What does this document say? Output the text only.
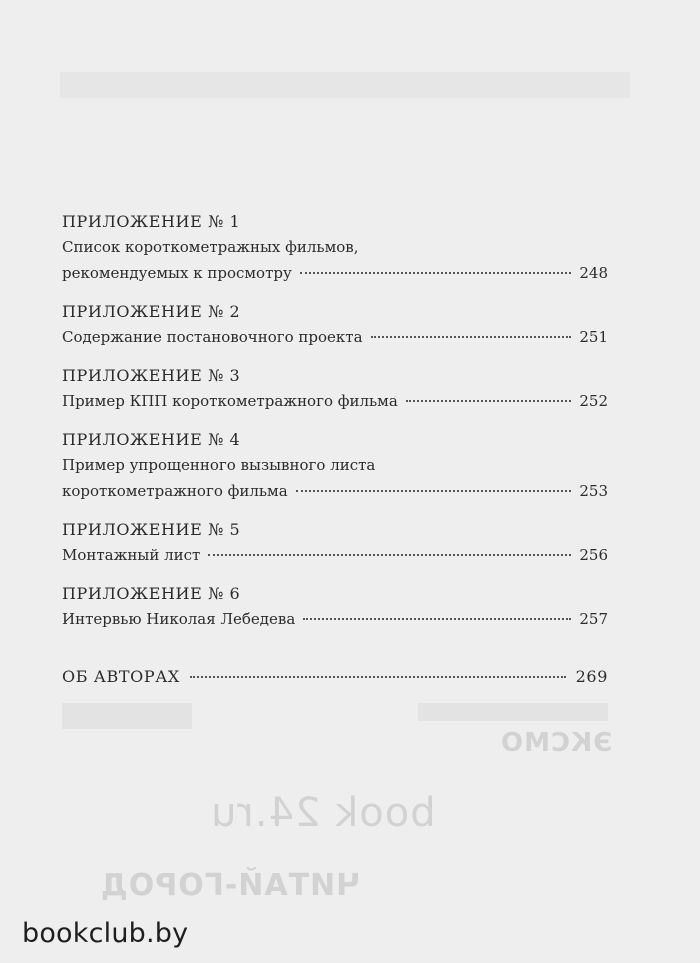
ЭКСМО
book 24.ru
ЧИТАЙ-ГОРОД
ПРИЛОЖЕНИЕ № 1
Список короткометражных фильмов,
рекомендуемых к просмотру	248
ПРИЛОЖЕНИЕ № 2
Содержание постановочного проекта	251
ПРИЛОЖЕНИЕ № 3
Пример КПП короткометражного фильма	252
ПРИЛОЖЕНИЕ № 4
Пример упрощенного вызывного листа
короткометражного фильма	253
ПРИЛОЖЕНИЕ № 5
Монтажный лист	256
ПРИЛОЖЕНИЕ № 6
Интервью Николая Лебедева	257
ОБ АВТОРАХ	269
bookclub.by
